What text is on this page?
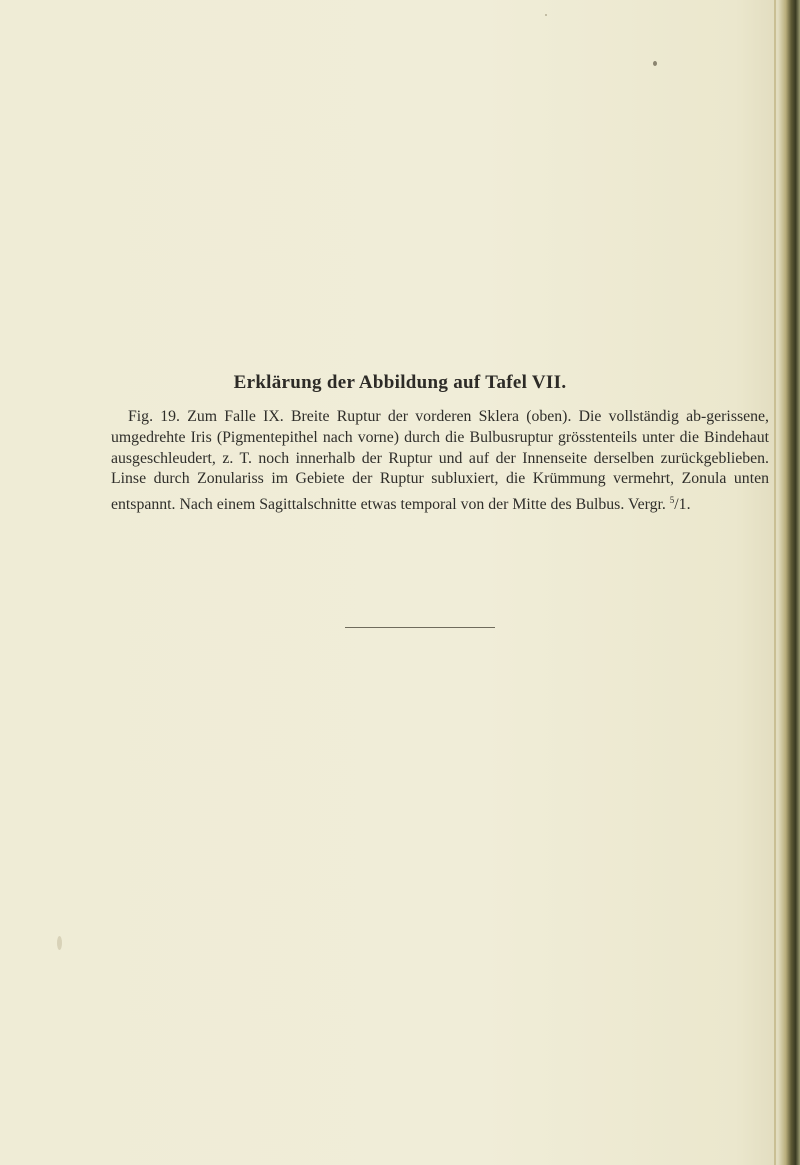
Erklärung der Abbildung auf Tafel VII.

Fig. 19. Zum Falle IX. Breite Ruptur der vorderen Sklera (oben). Die vollständig ab-gerissene, umgedrehte Iris (Pigmentepithel nach vorne) durch die Bulbusruptur grösstenteils unter die Bindehaut ausgeschleudert, z. T. noch innerhalb der Ruptur und auf der Innenseite derselben zurückgeblieben. Linse durch Zonulariss im Gebiete der Ruptur subluxiert, die Krümmung vermehrt, Zonula unten entspannt. Nach einem Sagittalschnitte etwas temporal von der Mitte des Bulbus. Vergr. $^5$/1.
